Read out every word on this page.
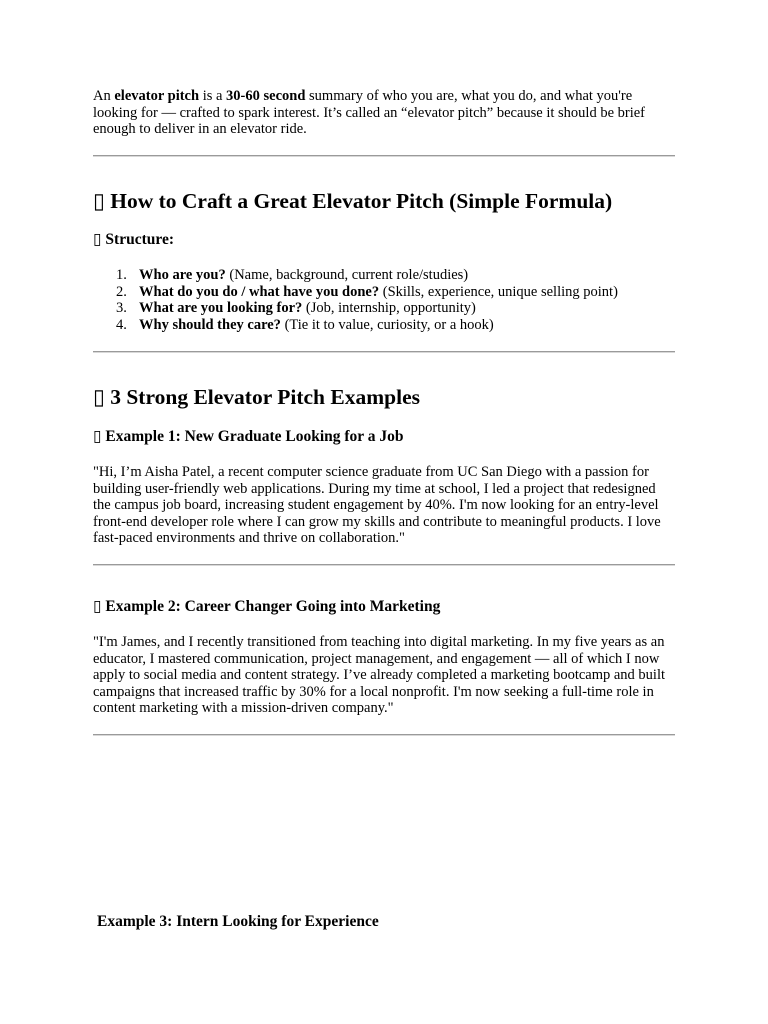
An elevator pitch is a 30-60 second summary of who you are, what you do, and what you're looking for — crafted to spark interest. It’s called an “elevator pitch” because it should be brief enough to deliver in an elevator ride.

▯ How to Craft a Great Elevator Pitch (Simple Formula)
▯ Structure:
1. Who are you? (Name, background, current role/studies)
2. What do you do / what have you done? (Skills, experience, unique selling point)
3. What are you looking for? (Job, internship, opportunity)
4. Why should they care? (Tie it to value, curiosity, or a hook)
▯ 3 Strong Elevator Pitch Examples
▯ Example 1: New Graduate Looking for a Job

"Hi, I’m Aisha Patel, a recent computer science graduate from UC San Diego with a passion for building user-friendly web applications. During my time at school, I led a project that redesigned the campus job board, increasing student engagement by 40%. I'm now looking for an entry-level front-end developer role where I can grow my skills and contribute to meaningful products. I love fast-paced environments and thrive on collaboration."

▯ Example 2: Career Changer Going into Marketing

"I'm James, and I recently transitioned from teaching into digital marketing. In my five years as an educator, I mastered communication, project management, and engagement — all of which I now apply to social media and content strategy. I’ve already completed a marketing bootcamp and built campaigns that increased traffic by 30% for a local nonprofit. I'm now seeking a full-time role in content marketing with a mission-driven company."

Example 3: Intern Looking for Experience
